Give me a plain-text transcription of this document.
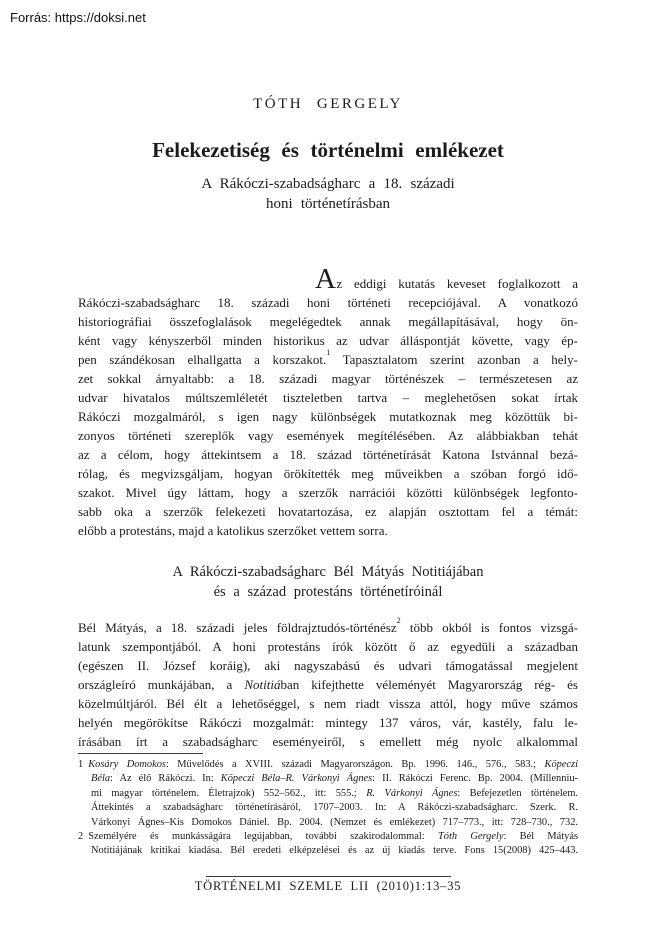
Forrás: https://doksi.net
TÓTH GERGELY
Felekezetiség és történelmi emlékezet
A Rákóczi-szabadságharc a 18. századi
honi történetírásban
Az eddigi kutatás keveset foglalkozott a
Rákóczi-szabadságharc 18. századi honi történeti recepciójával. A vonatkozó
historiográfiai összefoglalások megelégedtek annak megállapításával, hogy ön-
ként vagy kényszerből minden historikus az udvar álláspontját követte, vagy ép-
pen szándékosan elhallgatta a korszakot.$^1$ Tapasztalatom szerint azonban a hely-
zet sokkal árnyaltabb: a 18. századi magyar történészek – természetesen az
udvar hivatalos múltszemléletét tiszteletben tartva – meglehetősen sokat írtak
Rákóczi mozgalmáról, s igen nagy különbségek mutatkoznak meg közöttük bi-
zonyos történeti szereplők vagy események megítélésében. Az alábbiakban tehát
az a célom, hogy áttekintsem a 18. század történetírását Katona Istvánnal bezá-
rólag, és megvizsgáljam, hogyan örökítették meg műveikben a szóban forgó idő-
szakot. Mivel úgy láttam, hogy a szerzők narrációi közötti különbségek legfonto-
sabb oka a szerzők felekezeti hovatartozása, ez alapján osztottam fel a témát:
előbb a protestáns, majd a katolikus szerzőket vettem sorra.
A Rákóczi-szabadságharc Bél Mátyás Notitiájában
és a század protestáns történetíróinál
Bél Mátyás, a 18. századi jeles földrajztudós-történész$^2$ több okból is fontos vizsgá-
latunk szempontjából. A honi protestáns írók között ő az egyedüli a században
(egészen II. József koráig), aki nagyszabású és udvari támogatással megjelent
országleíró munkájában, a Notitiában kifejthette véleményét Magyarország rég- és
közelmúltjáról. Bél élt a lehetőséggel, s nem riadt vissza attól, hogy műve számos
helyén megörökítse Rákóczi mozgalmát: mintegy 137 város, vár, kastély, falu le-
írásában írt a szabadságharc eseményeiről, s emellett még nyolc alkalommal
1 Kosáry Domokos: Művelődés a XVIII. századi Magyarországon. Bp. 1996. 146., 576., 583.; Köpeczi
Béla: Az élő Rákóczi. In: Köpeczi Béla–R. Várkonyi Ágnes: II. Rákóczi Ferenc. Bp. 2004. (Millenniu-
mi magyar történelem. Életrajzok) 552–562., itt: 555.; R. Várkonyi Ágnes: Befejezetlen történelem.
Áttekintés a szabadságharc történetírásáról, 1707–2003. In: A Rákóczi-szabadságharc. Szerk. R.
Várkonyi Ágnes–Kis Domokos Dániel. Bp. 2004. (Nemzet és emlékezet) 717–773., itt: 728–730., 732.
2 Személyére és munkásságára legújabban, további szakirodalommal: Tóth Gergely: Bél Mátyás
Notitiájának kritikai kiadása. Bél eredeti elképzelései és az új kiadás terve. Fons 15(2008) 425–443.
TÖRTÉNELMI SZEMLE LII (2010)1:13–35
